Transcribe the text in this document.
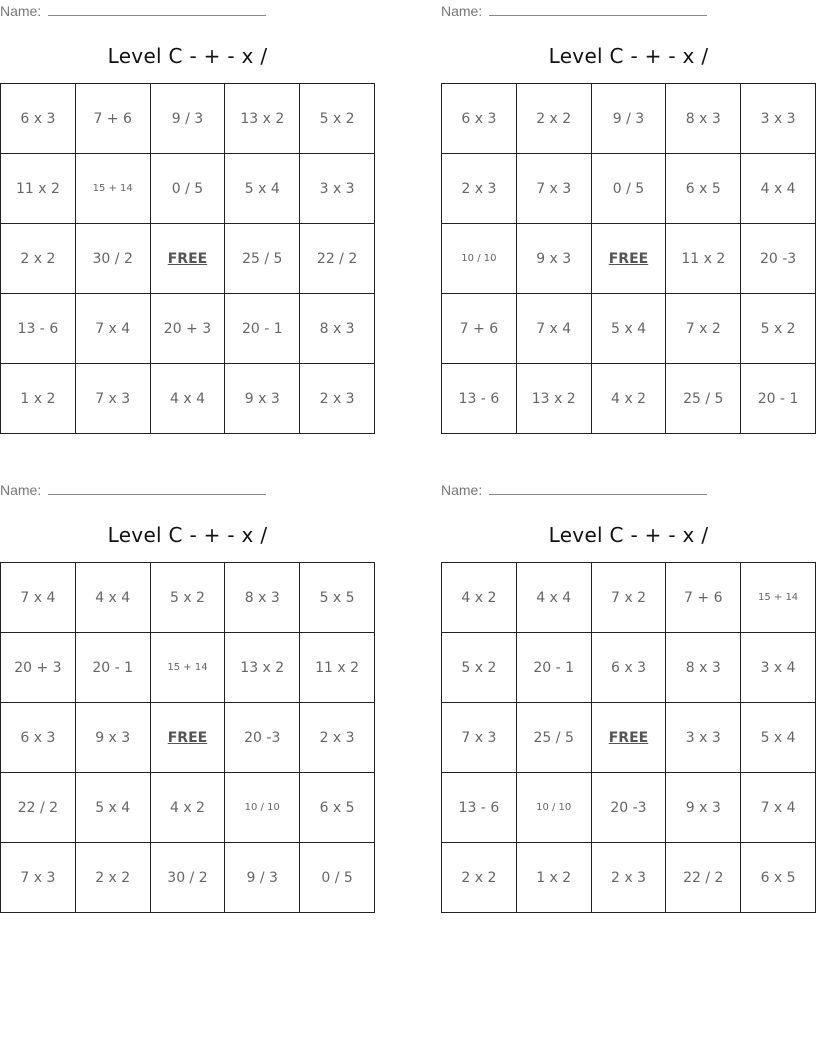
Name:
Level C - + - x /
6 x 3	7 + 6	9 / 3	13 x 2	5 x 2
11 x 2	15 + 14	0 / 5	5 x 4	3 x 3
2 x 2	30 / 2	FREE	25 / 5	22 / 2
13 - 6	7 x 4	20 + 3	20 - 1	8 x 3
1 x 2	7 x 3	4 x 4	9 x 3	2 x 3
Name:
Level C - + - x /
6 x 3	2 x 2	9 / 3	8 x 3	3 x 3
2 x 3	7 x 3	0 / 5	6 x 5	4 x 4
10 / 10	9 x 3	FREE	11 x 2	20 -3
7 + 6	7 x 4	5 x 4	7 x 2	5 x 2
13 - 6	13 x 2	4 x 2	25 / 5	20 - 1
Name:
Level C - + - x /
7 x 4	4 x 4	5 x 2	8 x 3	5 x 5
20 + 3	20 - 1	15 + 14	13 x 2	11 x 2
6 x 3	9 x 3	FREE	20 -3	2 x 3
22 / 2	5 x 4	4 x 2	10 / 10	6 x 5
7 x 3	2 x 2	30 / 2	9 / 3	0 / 5
Name:
Level C - + - x /
4 x 2	4 x 4	7 x 2	7 + 6	15 + 14
5 x 2	20 - 1	6 x 3	8 x 3	3 x 4
7 x 3	25 / 5	FREE	3 x 3	5 x 4
13 - 6	10 / 10	20 -3	9 x 3	7 x 4
2 x 2	1 x 2	2 x 3	22 / 2	6 x 5
